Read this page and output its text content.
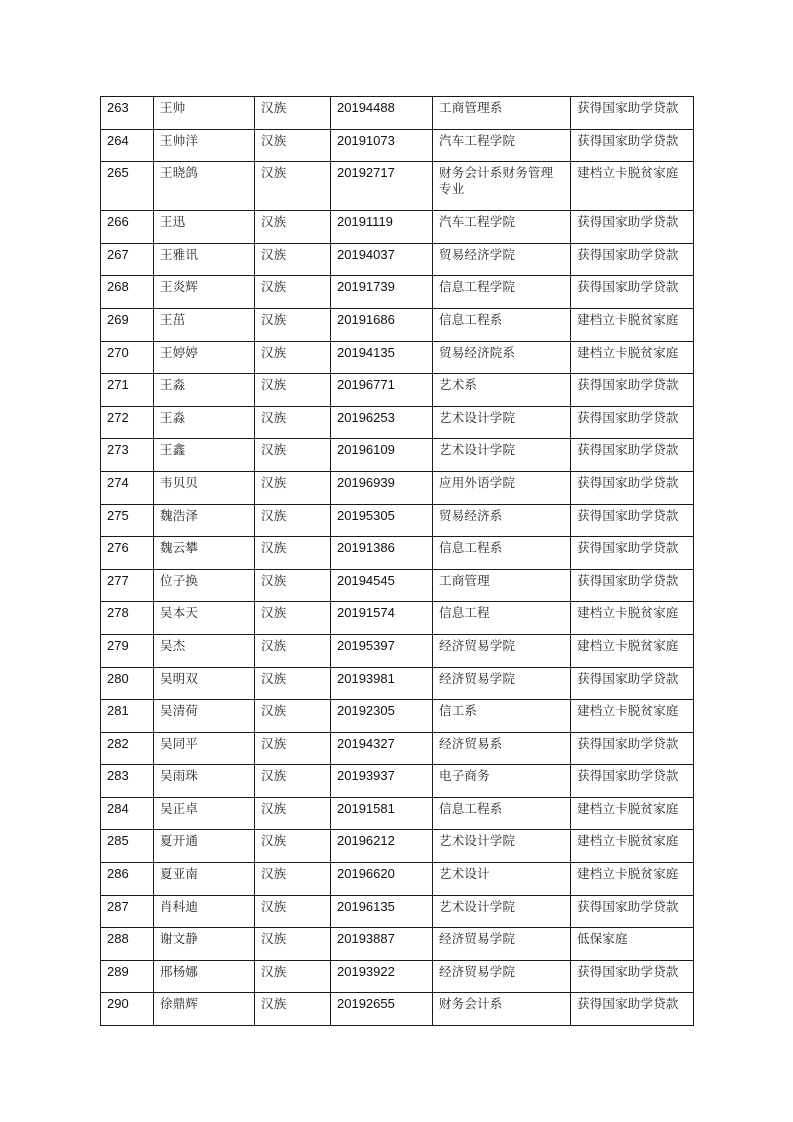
263	王帅	汉族	20194488	工商管理系	获得国家助学贷款
264	王帅洋	汉族	20191073	汽车工程学院	获得国家助学贷款
265	王晓鸽	汉族	20192717	财务会计系财务管理专业	建档立卡脱贫家庭
266	王迅	汉族	20191119	汽车工程学院	获得国家助学贷款
267	王雅讯	汉族	20194037	贸易经济学院	获得国家助学贷款
268	王炎辉	汉族	20191739	信息工程学院	获得国家助学贷款
269	王茁	汉族	20191686	信息工程系	建档立卡脱贫家庭
270	王婷婷	汉族	20194135	贸易经济院系	建档立卡脱贫家庭
271	王淼	汉族	20196771	艺术系	获得国家助学贷款
272	王淼	汉族	20196253	艺术设计学院	获得国家助学贷款
273	王鑫	汉族	20196109	艺术设计学院	获得国家助学贷款
274	韦贝贝	汉族	20196939	应用外语学院	获得国家助学贷款
275	魏浩泽	汉族	20195305	贸易经济系	获得国家助学贷款
276	魏云攀	汉族	20191386	信息工程系	获得国家助学贷款
277	位子换	汉族	20194545	工商管理	获得国家助学贷款
278	吴本天	汉族	20191574	信息工程	建档立卡脱贫家庭
279	吴杰	汉族	20195397	经济贸易学院	建档立卡脱贫家庭
280	吴明双	汉族	20193981	经济贸易学院	获得国家助学贷款
281	吴清荷	汉族	20192305	信工系	建档立卡脱贫家庭
282	吴同平	汉族	20194327	经济贸易系	获得国家助学贷款
283	吴雨珠	汉族	20193937	电子商务	获得国家助学贷款
284	吴正卓	汉族	20191581	信息工程系	建档立卡脱贫家庭
285	夏开通	汉族	20196212	艺术设计学院	建档立卡脱贫家庭
286	夏亚南	汉族	20196620	艺术设计	建档立卡脱贫家庭
287	肖科迪	汉族	20196135	艺术设计学院	获得国家助学贷款
288	谢文静	汉族	20193887	经济贸易学院	低保家庭
289	邢杨娜	汉族	20193922	经济贸易学院	获得国家助学贷款
290	徐鼎辉	汉族	20192655	财务会计系	获得国家助学贷款
